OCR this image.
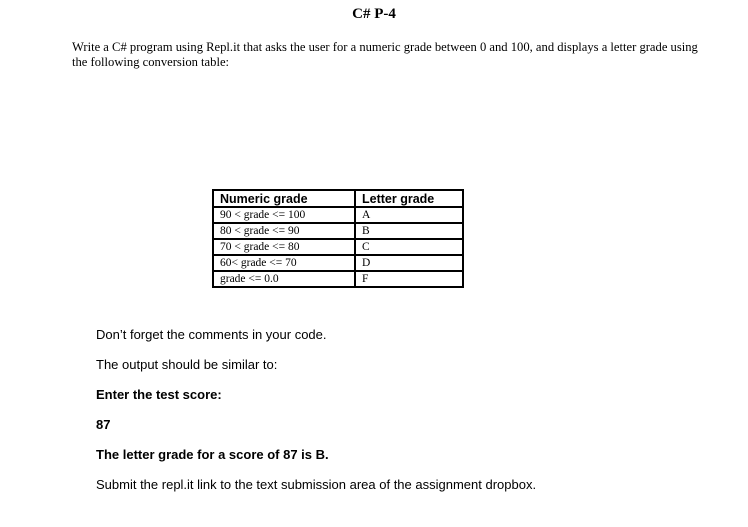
C# P-4
Write a C# program using Repl.it that asks the user for a numeric grade between 0 and 100, and displays a letter grade using the following conversion table:
Numeric grade	Letter grade
90 < grade <= 100	A
80 < grade <= 90	B
70 < grade <= 80	C
60< grade <= 70	D
grade <= 0.0	F
Don’t forget the comments in your code.
The output should be similar to:
Enter the test score:
87
The letter grade for a score of 87 is B.
Submit the repl.it link to the text submission area of the assignment dropbox.
